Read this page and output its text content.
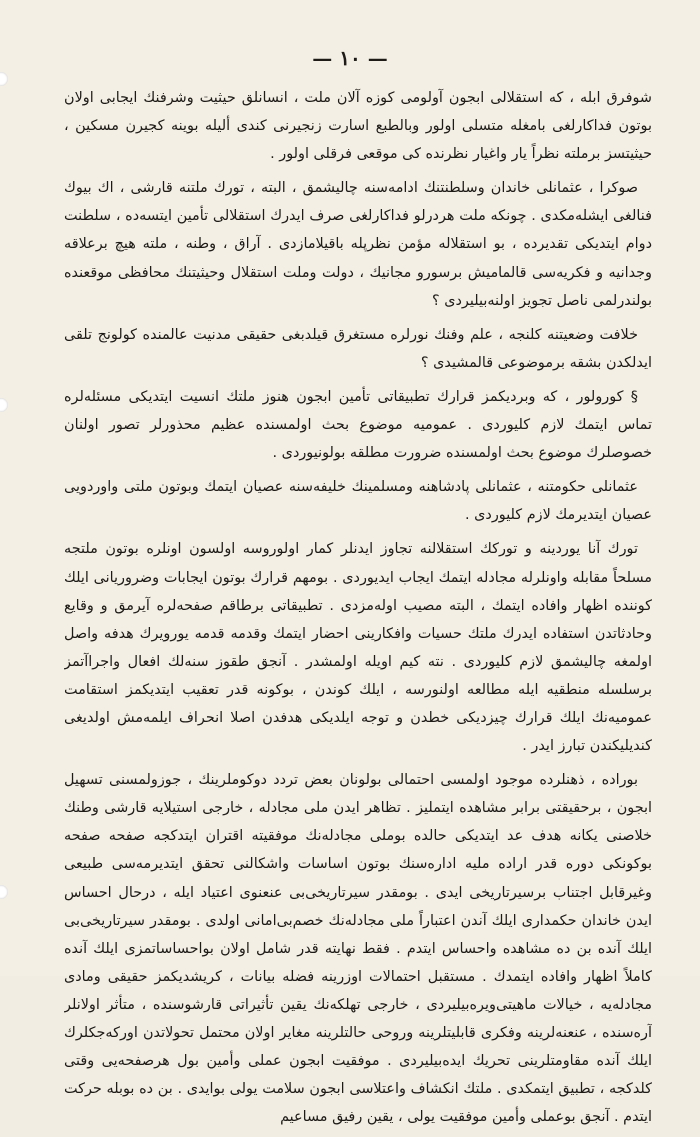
— ١٠ —

شوفرق ابله ، كه استقلالی ابجون آولومی كوزه آلان ملت ، انسانلق حيثيت وشرفنك ايجابی اولان بوتون فداكارلغی بامغله متسلی اولور وبالطبع اسارت زنجيرنی كندی أليله بوينه كجيرن مسكين ، حيثيتسز برملته نظراً يار واغيار نظرنده كی موقعی فرقلی اولور .

صوكرا ، عثمانلی خاندان وسلطنتنك ادامه‌سنه چالیشمق ، البته ، تورك ملتنه قارشی ، اك بيوك فنالغی ايشله‌مكدی . چونكه ملت هردرلو فداكارلغی صرف ايدرك استقلالی تأمين ايتسه‌ده ، سلطنت دوام ايتديكی تقديرده ، بو استقلاله مؤمن نظرپله باقيلامازدی . آراق ، وطنه ، ملته هيچ برعلاقه وجدانيه و فكريه‌سی قالماميش برسورو مجانيك ، دولت وملت استقلال وحيثيتنك محافظی موقعنده بولندرلمی ناصل تجويز اولنه‌بيليردی ؟

خلافت وضعيتنه كلنجه ، علم وفنك نورلره مستغرق قيلدبغی حقيقی مدنيت عالمنده كولونج تلقی ايدلكدن بشقه برموضوعی قالمشيدی ؟

§ كورولور ، كه وبرديكمز قرارك تطبيقاتی تأمين ابجون هنوز ملتك انسيت ايتديكی مسئله‌لره تماس ايتمك لازم كليوردی . عموميه موضوع بحث اولمسنده عظيم محذورلر تصور اولنان خصوصلرك موضوع بحث اولمسنده ضرورت مطلقه بولونيوردی .

عثمانلی حكومتنه ، عثمانلی پادشاهنه ومسلمينك خليفه‌سنه عصيان ايتمك وبوتون ملتی واوردويی عصيان ايتديرمك لازم كليوردی .

تورك آنا يوردينه و توركك استقلالنه تجاوز ايدنلر كمار اولوروسه اولسون اونلره بوتون ملتجه مسلحاً مقابله واونلرله مجادله ايتمك ايجاب ايديوردی . بومهم قرارك بوتون ايجابات وضروريانی ايلك كوننده اظهار وافاده ايتمك ، البته مصيب اوله‌مزدی . تطبيقاتی برطاقم صفحه‌لره آيرمق و وقايع وحادثاتدن استفاده ايدرك ملتك حسيات وافكارينی احضار ايتمك وقدمه قدمه يورويرك هدفه واصل اولمغه چاليشمق لازم كليوردی . نته كيم اويله اولمشدر . آنجق طقوز سنه‌لك افعال واجراآتمز برسلسله منطقيه ايله مطالعه اولنورسه ، ايلك كوندن ، بوكونه قدر تعقيب ايتديكمز استقامت عموميه‌نك ايلك قرارك چيزديكی خطدن و توجه ايلديكی هدفدن اصلا انحراف ايلمه‌مش اولديغی كنديليكندن تبارز ايدر .

بوراده ، ذهنلرده موجود اولمسی احتمالی بولونان بعض تردد دوكوملرينك ، جوزولمسنی تسهيل ابجون ، برحقيقتی برابر مشاهده ايتمليز . تظاهر ايدن ملی مجادله ، خارجی استيلايه قارشی وطنك خلاصنی يكانه هدف عد ايتديكی حالده بوملی مجادله‌نك موفقيته اقتران ايتدكجه صفحه صفحه بوكونكی دوره قدر اراده ملیه اداره‌سنك بوتون اساسات واشكالنی تحقق ايتديرمه‌سی طبيعی وغيرقابل اجتناب برسيرتاريخی ايدی . بومقدر سيرتاريخی‌بی عنعنوی اعتياد ايله ، درحال احساس ايدن خاندان حكمداری ايلك آندن اعتباراً ملی مجادله‌نك خصم‌بی‌امانی اولدی . بومقدر سيرتاريخی‌بی ايلك آنده بن ده مشاهده واحساس ايتدم . فقط نهايته قدر شامل اولان بواحساساتمزی ايلك آنده كاملاً اظهار وافاده ايتمدك . مستقبل احتمالات اوزرينه فضله بيانات ، كريشديكمز حقيقی ومادی مجادله‌يه ، خيالات ماهيتی‌ويره‌بيليردی ، خارجی تهلكه‌نك يقين تأثيراتی قارشوسنده ، متأثر اولانلر آره‌سنده ، عنعنه‌لرينه وفكری قابليتلرينه وروحی حالتلرينه مغاير اولان محتمل تحولاتدن اوركه‌جكلرك ايلك آنده مقاومتلرينی تحريك ايده‌بيليردی . موفقيت ابجون عملی وأمين بول هرصفحه‌يی وقتی كلدكجه ، تطبيق ايتمكدی . ملتك انكشاف واعتلاسی ابجون سلامت يولی بوايدی . بن ده بوبله حركت ايتدم . آنجق بوعملی وأمين موفقيت يولی ، يقين رفيق مساعيم
